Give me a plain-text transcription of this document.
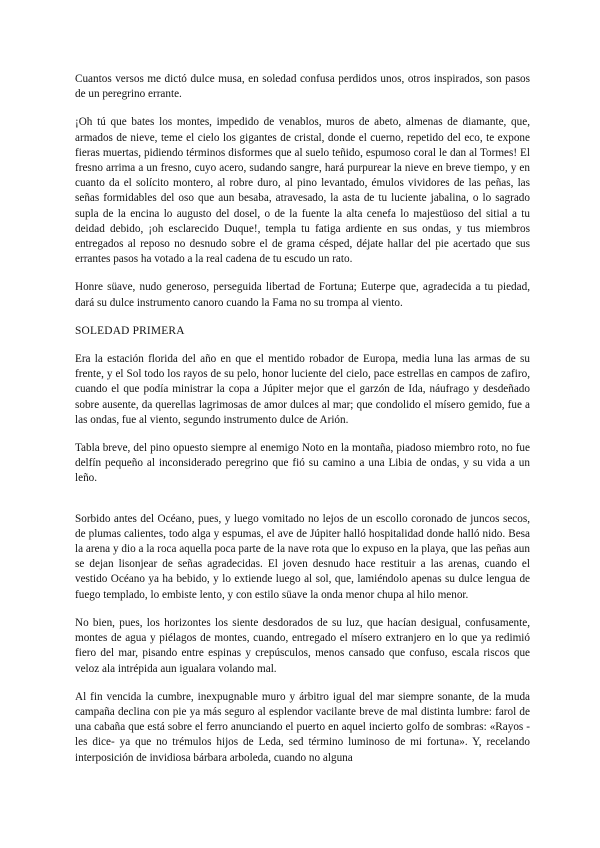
Cuantos versos me dictó dulce musa, en soledad confusa perdidos unos, otros inspirados, son pasos de un peregrino errante.

¡Oh tú que bates los montes, impedido de venablos, muros de abeto, almenas de diamante, que, armados de nieve, teme el cielo los gigantes de cristal, donde el cuerno, repetido del eco, te expone fieras muertas, pidiendo términos disformes que al suelo teñido, espumoso coral le dan al Tormes! El fresno arrima a un fresno, cuyo acero, sudando sangre, hará purpurear la nieve en breve tiempo, y en cuanto da el solícito montero, al robre duro, al pino levantado, émulos vividores de las peñas, las señas formidables del oso que aun besaba, atravesado, la asta de tu luciente jabalina, o lo sagrado supla de la encina lo augusto del dosel, o de la fuente la alta cenefa lo majestüoso del sitial a tu deidad debido, ¡oh esclarecido Duque!, templa tu fatiga ardiente en sus ondas, y tus miembros entregados al reposo no desnudo sobre el de grama césped, déjate hallar del pie acertado que sus errantes pasos ha votado a la real cadena de tu escudo un rato.

Honre süave, nudo generoso, perseguida libertad de Fortuna; Euterpe que, agradecida a tu piedad, dará su dulce instrumento canoro cuando la Fama no su trompa al viento.

SOLEDAD PRIMERA

Era la estación florida del año en que el mentido robador de Europa, media luna las armas de su frente, y el Sol todo los rayos de su pelo, honor luciente del cielo, pace estrellas en campos de zafiro, cuando el que podía ministrar la copa a Júpiter mejor que el garzón de Ida, náufrago y desdeñado sobre ausente, da querellas lagrimosas de amor dulces al mar; que condolido el mísero gemido, fue a las ondas, fue al viento, segundo instrumento dulce de Arión.

Tabla breve, del pino opuesto siempre al enemigo Noto en la montaña, piadoso miembro roto, no fue delfín pequeño al inconsiderado peregrino que fió su camino a una Libia de ondas, y su vida a un leño.

Sorbido antes del Océano, pues, y luego vomitado no lejos de un escollo coronado de juncos secos, de plumas calientes, todo alga y espumas, el ave de Júpiter halló hospitalidad donde halló nido. Besa la arena y dio a la roca aquella poca parte de la nave rota que lo expuso en la playa, que las peñas aun se dejan lisonjear de señas agradecidas. El joven desnudo hace restituir a las arenas, cuando el vestido Océano ya ha bebido, y lo extiende luego al sol, que, lamiéndolo apenas su dulce lengua de fuego templado, lo embiste lento, y con estilo süave la onda menor chupa al hilo menor.

No bien, pues, los horizontes los siente desdorados de su luz, que hacían desigual, confusamente, montes de agua y piélagos de montes, cuando, entregado el mísero extranjero en lo que ya redimió fiero del mar, pisando entre espinas y crepúsculos, menos cansado que confuso, escala riscos que veloz ala intrépida aun igualara volando mal.

Al fin vencida la cumbre, inexpugnable muro y árbitro igual del mar siempre sonante, de la muda campaña declina con pie ya más seguro al esplendor vacilante breve de mal distinta lumbre: farol de una cabaña que está sobre el ferro anunciando el puerto en aquel incierto golfo de sombras: «Rayos -les dice- ya que no trémulos hijos de Leda, sed término luminoso de mi fortuna». Y, recelando interposición de invidiosa bárbara arboleda, cuando no alguna
